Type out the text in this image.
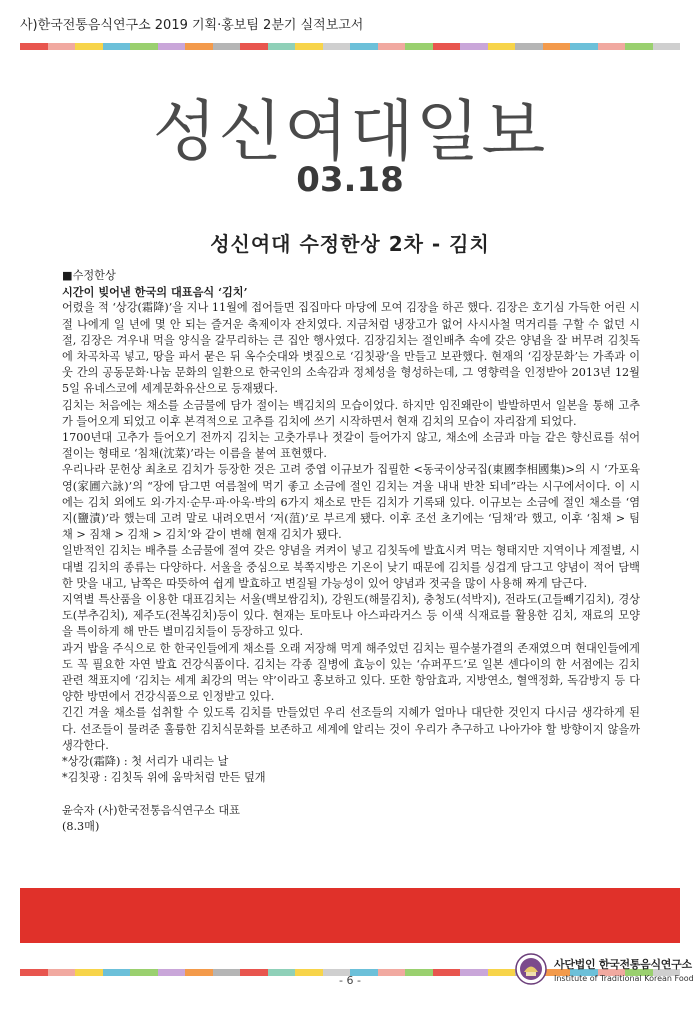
사)한국전통음식연구소 2019 기획·홍보팀 2분기 실적보고서
성신여대일보
03.18
성신여대 수정한상 2차 - 김치

■수정한상

시간이 빚어낸 한국의 대표음식 ‘김치’

어렸을 적 ‘상강(霜降)’을 지나 11월에 접어들면 집집마다 마당에 모여 김장을 하곤 했다. 김장은 호기심 가득한 어린 시절 나에게 일 년에 몇 안 되는 즐거운 축제이자 잔치였다. 지금처럼 냉장고가 없어 사시사철 먹거리를 구할 수 없던 시절, 김장은 겨우내 먹을 양식을 갈무리하는 큰 집안 행사였다. 김장김치는 절인배추 속에 갖은 양념을 잘 버무려 김칫독에 차곡차곡 넣고, 땅을 파서 묻은 뒤 옥수숫대와 볏짚으로 ‘김칫광’을 만들고 보관했다. 현재의 ‘김장문화’는 가족과 이웃 간의 공동문화·나눔 문화의 일환으로 한국인의 소속감과 정체성을 형성하는데, 그 영향력을 인정받아 2013년 12월 5일 유네스코에 세계문화유산으로 등재됐다.

김치는 처음에는 채소를 소금물에 담가 절이는 백김치의 모습이었다. 하지만 임진왜란이 발발하면서 일본을 통해 고추가 들어오게 되었고 이후 본격적으로 고추를 김치에 쓰기 시작하면서 현재 김치의 모습이 자리잡게 되었다.

1700년대 고추가 들어오기 전까지 김치는 고춧가루나 젓갈이 들어가지 않고, 채소에 소금과 마늘 같은 향신료를 섞어 절이는 형태로 ‘침채(沈菜)’라는 이름을 붙여 표현했다.

우리나라 문헌상 최초로 김치가 등장한 것은 고려 중엽 이규보가 집필한 <동국이상국집(東國李相國集)>의 시 ‘가포육영(家圃六詠)’의 “장에 담그면 여름철에 먹기 좋고 소금에 절인 김치는 겨울 내내 반찬 되네”라는 시구에서이다. 이 시에는 김치 외에도 외·가지·순무·파·아욱·박의 6가지 채소로 만든 김치가 기록돼 있다. 이규보는 소금에 절인 채소를 ‘염지(鹽漬)’라 했는데 고려 말로 내려오면서 ‘저(菹)’로 부르게 됐다. 이후 조선 초기에는 ‘딤채’라 했고, 이후 ‘침채 > 팀채 > 짐채 > 김채 > 김치’와 같이 변해 현재 김치가 됐다.

일반적인 김치는 배추를 소금물에 절여 갖은 양념을 켜켜이 넣고 김칫독에 발효시켜 먹는 형태지만 지역이나 계절별, 시대별 김치의 종류는 다양하다. 서울을 중심으로 북쪽지방은 기온이 낮기 때문에 김치를 싱겁게 담그고 양념이 적어 담백한 맛을 내고, 남쪽은 따뜻하여 쉽게 발효하고 변질될 가능성이 있어 양념과 젓국을 많이 사용해 짜게 담근다.

지역별 특산품을 이용한 대표김치는 서울(백보쌈김치), 강원도(해물김치), 충청도(석박지), 전라도(고들빼기김치), 경상도(부추김치), 제주도(전복김치)등이 있다. 현재는 토마토나 아스파라거스 등 이색 식재료를 활용한 김치, 재료의 모양을 특이하게 해 만든 별미김치들이 등장하고 있다.

과거 밥을 주식으로 한 한국인들에게 채소를 오래 저장해 먹게 해주었던 김치는 필수불가결의 존재였으며 현대인들에게도 꼭 필요한 자연 발효 건강식품이다. 김치는 각종 질병에 효능이 있는 ‘슈퍼푸드’로 일본 센다이의 한 서점에는 김치 관련 책표지에 ‘김치는 세계 최강의 먹는 약’이라고 홍보하고 있다. 또한 항암효과, 지방연소, 혈액정화, 독감방지 등 다양한 방면에서 건강식품으로 인정받고 있다.

긴긴 겨울 채소를 섭취할 수 있도록 김치를 만들었던 우리 선조들의 지혜가 얼마나 대단한 것인지 다시금 생각하게 된다. 선조들이 물려준 훌륭한 김치식문화를 보존하고 세계에 알리는 것이 우리가 추구하고 나아가야 할 방향이지 않을까 생각한다.

*상강(霜降) : 첫 서리가 내리는 날

*김칫광 : 김칫독 위에 움막처럼 만든 덮개

윤숙자 (사)한국전통음식연구소 대표

(8.3매)

- 6 -
사단법인 한국전통음식연구소
Institute of Traditional Korean Food
